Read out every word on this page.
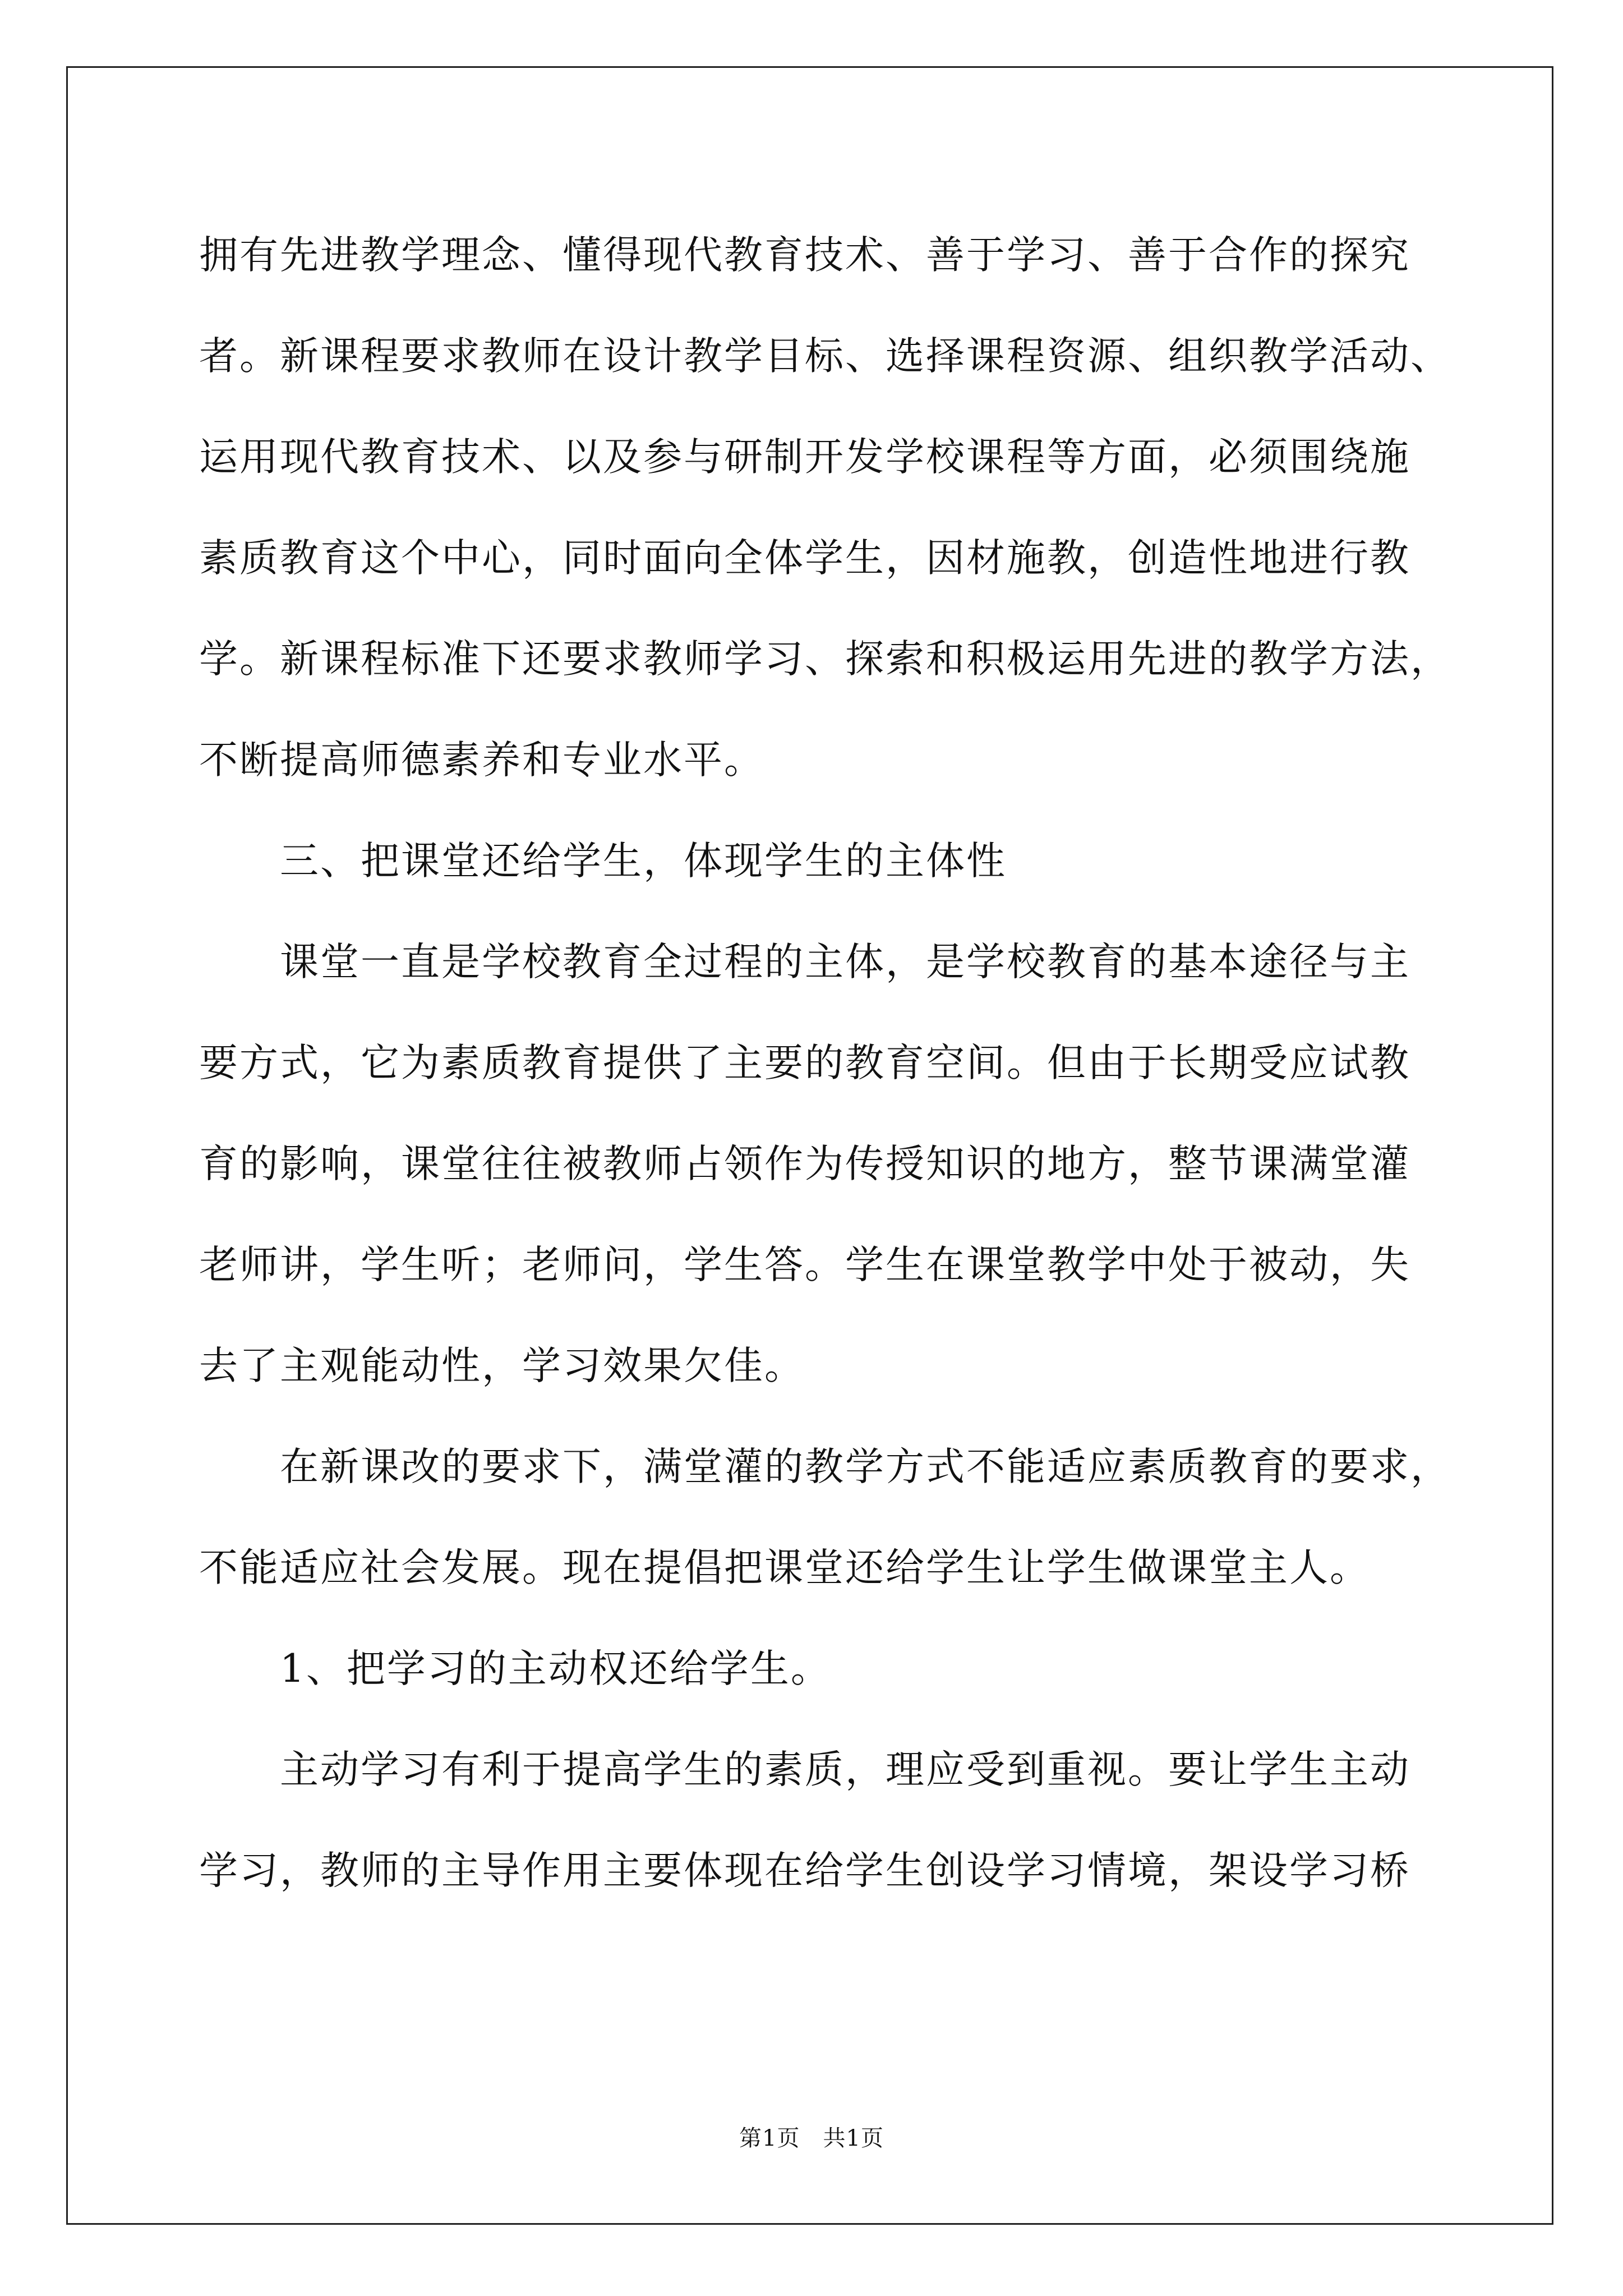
拥有先进教学理念、懂得现代教育技术、善于学习、善于合作的探究
者。新课程要求教师在设计教学目标、选择课程资源、组织教学活动、
运用现代教育技术、以及参与研制开发学校课程等方面，必须围绕施
素质教育这个中心，同时面向全体学生，因材施教，创造性地进行教
学。新课程标准下还要求教师学习、探索和积极运用先进的教学方法，
不断提高师德素养和专业水平。
三、把课堂还给学生，体现学生的主体性
课堂一直是学校教育全过程的主体，是学校教育的基本途径与主
要方式，它为素质教育提供了主要的教育空间。但由于长期受应试教
育的影响，课堂往往被教师占领作为传授知识的地方，整节课满堂灌
老师讲，学生听；老师问，学生答。学生在课堂教学中处于被动，失
去了主观能动性，学习效果欠佳。
在新课改的要求下，满堂灌的教学方式不能适应素质教育的要求，
不能适应社会发展。现在提倡把课堂还给学生让学生做课堂主人。
1、把学习的主动权还给学生。
主动学习有利于提高学生的素质，理应受到重视。要让学生主动
学习，教师的主导作用主要体现在给学生创设学习情境，架设学习桥
第1页　共1页
